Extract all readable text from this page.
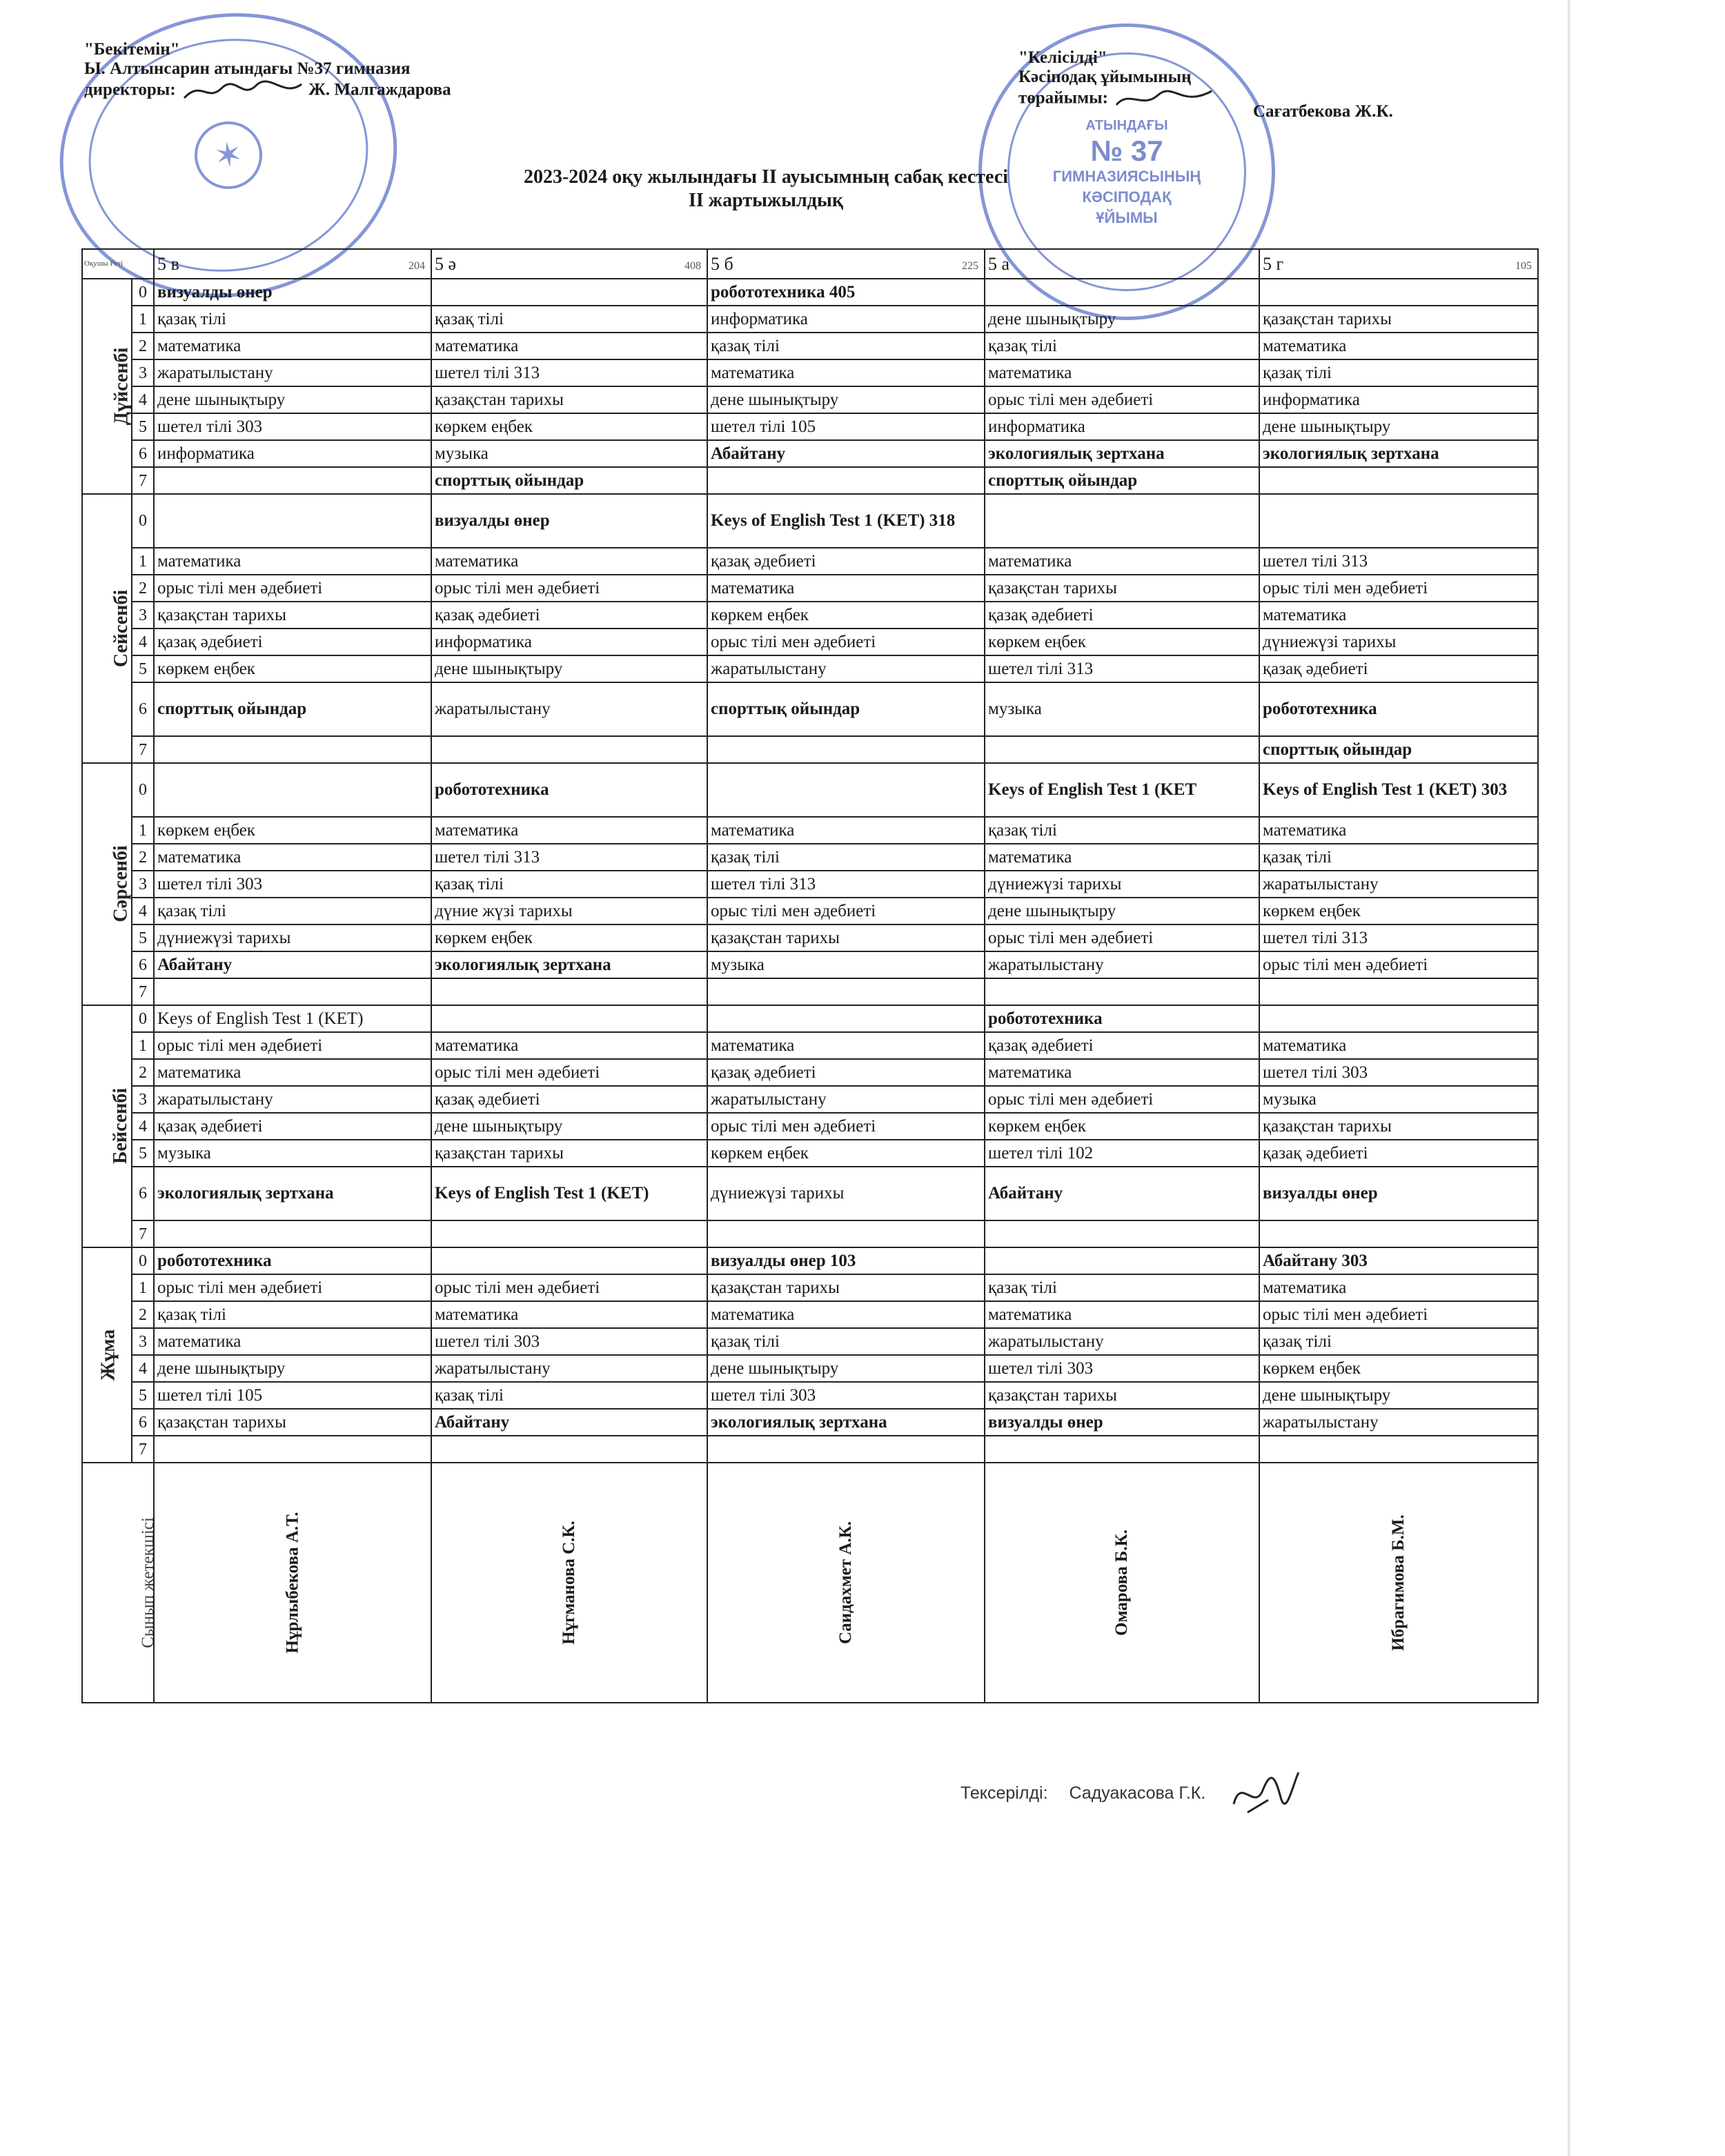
✶
АТЫНДАҒЫ
№ 37
ГИМНАЗИЯСЫНЫҢ
КӘСІПОДАҚ
ҰЙЫМЫ
"Бекітемін"
Ы. Алтынсарин атындағы №37 гимназия
директоры:	Ж. Малгаждарова
"Келісілді"
Кәсіподақ ұйымының
төрайымы:
Сағатбекова Ж.К.
2023-2024 оқу жылындағы ІІ ауысымның сабақ кестесі
ІІ жартыжылдық
Оқушы Реті		5 в 204	5 ә 408	5 б 225	5 a	5 г 105

Дүйсенбі	0	визуалды өнер		робототехника 405		
	1	қазақ тілі	қазақ тілі	информатика	дене шынықтыру	қазақстан тарихы
	2	математика	математика	қазақ тілі	қазақ тілі	математика
	3	жаратылыстану	шетел тілі 313	математика	математика	қазақ тілі
	4	дене шынықтыру	қазақстан тарихы	дене шынықтыру	орыс тілі мен әдебиеті	информатика
	5	шетел тілі 303	көркем еңбек	шетел тілі 105	информатика	дене шынықтыру
	6	информатика	музыка	Абайтану	экологиялық зертхана	экологиялық зертхана
	7		спорттық ойындар		спорттық ойындар	
Сейсенбі	0		визуалды өнер	Keys of English Test 1 (KET) 318		
	1	математика	математика	қазақ әдебиеті	математика	шетел тілі 313
	2	орыс тілі мен әдебиеті	орыс тілі мен әдебиеті	математика	қазақстан тарихы	орыс тілі мен әдебиеті
	3	қазақстан тарихы	қазақ әдебиеті	көркем еңбек	қазақ әдебиеті	математика
	4	қазақ әдебиеті	информатика	орыс тілі мен әдебиеті	көркем еңбек	дүниежүзі тарихы
	5	көркем еңбек	дене шынықтыру	жаратылыстану	шетел тілі 313	қазақ әдебиеті
	6	спорттық ойындар	жаратылыстану	спорттық ойындар	музыка	робототехника
	7					спорттық ойындар
Сәрсенбі	0		робототехника		Keys of English Test 1 (KET	Keys of English Test 1 (KET) 303
	1	көркем еңбек	математика	математика	қазақ тілі	математика
	2	математика	шетел тілі 313	қазақ тілі	математика	қазақ тілі
	3	шетел тілі 303	қазақ тілі	шетел тілі 313	дүниежүзі тарихы	жаратылыстану
	4	қазақ тілі	дүние жүзі тарихы	орыс тілі мен әдебиеті	дене шынықтыру	көркем еңбек
	5	дүниежүзі тарихы	көркем еңбек	қазақстан тарихы	орыс тілі мен әдебиеті	шетел тілі 313
	6	Абайтану	экологиялық зертхана	музыка	жаратылыстану	орыс тілі мен әдебиеті
	7					
Бейсенбі	0	Keys of English Test 1 (KET)			робототехника	
	1	орыс тілі мен әдебиеті	математика	математика	қазақ әдебиеті	математика
	2	математика	орыс тілі мен әдебиеті	қазақ әдебиеті	математика	шетел тілі 303
	3	жаратылыстану	қазақ әдебиеті	жаратылыстану	орыс тілі мен әдебиеті	музыка
	4	қазақ әдебиеті	дене шынықтыру	орыс тілі мен әдебиеті	көркем еңбек	қазақстан тарихы
	5	музыка	қазақстан тарихы	көркем еңбек	шетел тілі 102	қазақ әдебиеті
	6	экологиялық зертхана	Keys of English Test 1 (KET)	дүниежүзі тарихы	Абайтану	визуалды өнер
	7					
Жұма	0	робототехника		визуалды өнер 103		Абайтану 303
	1	орыс тілі мен әдебиеті	орыс тілі мен әдебиеті	қазақстан тарихы	қазақ тілі	математика
	2	қазақ тілі	математика	математика	математика	орыс тілі мен әдебиеті
	3	математика	шетел тілі 303	қазақ тілі	жаратылыстану	қазақ тілі
	4	дене шынықтыру	жаратылыстану	дене шынықтыру	шетел тілі 303	көркем еңбек
	5	шетел тілі 105	қазақ тілі	шетел тілі 303	қазақстан тарихы	дене шынықтыру
	6	қазақстан тарихы	Абайтану	экологиялық зертхана	визуалды өнер	жаратылыстану
	7					
Сынып жетекшісі		Нұрлыбекова А.Т.	Нұгманова С.К.	Саидахмет А.К.	Омарова Б.К.	Ибрагимова Б.М.
Тексерілді: Садуакасова Г.К.
